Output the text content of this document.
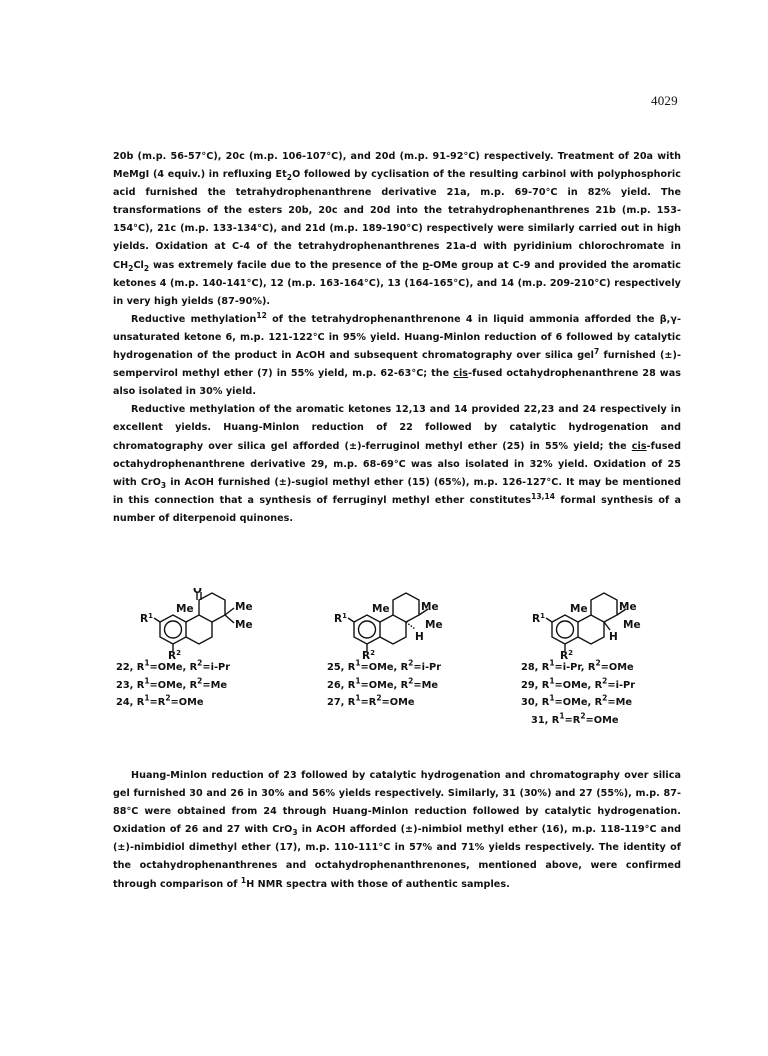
4029

20b (m.p. 56-57°C), 20c (m.p. 106-107°C), and 20d (m.p. 91-92°C) respectively. Treatment of 20a with MeMgI (4 equiv.) in refluxing $Et_2O$ followed by cyclisation of the resulting carbinol with polyphosphoric acid furnished the tetrahydrophenanthrene derivative 21a, m.p. 69-70°C in 82% yield. The transformations of the esters 20b, 20c and 20d into the tetrahydrophenanthrenes 21b (m.p. 153-154°C), 21c (m.p. 133-134°C), and 21d (m.p. 189-190°C) respectively were similarly carried out in high yields. Oxidation at C-4 of the tetrahydrophenanthrenes 21a-d with pyridinium chlorochromate in $CH_2Cl_2$ was extremely facile due to the presence of the p-OMe group at C-9 and provided the aromatic ketones 4 (m.p. 140-141°C), 12 (m.p. 163-164°C), 13 (164-165°C), and 14 (m.p. 209-210°C) respectively in very high yields (87-90%).

Reductive methylation$^{12}$ of the tetrahydrophenanthrenone 4 in liquid ammonia afforded the β,γ-unsaturated ketone 6, m.p. 121-122°C in 95% yield. Huang-Minlon reduction of 6 followed by catalytic hydrogenation of the product in AcOH and subsequent chromatography over silica gel$^7$ furnished (±)-sempervirol methyl ether (7) in 55% yield, m.p. 62-63°C; the cis-fused octahydrophenanthrene 28 was also isolated in 30% yield.

Reductive methylation of the aromatic ketones 12,13 and 14 provided 22,23 and 24 respectively in excellent yields. Huang-Minlon reduction of 22 followed by catalytic hydrogenation and chromatography over silica gel afforded (±)-ferruginol methyl ether (25) in 55% yield; the cis-fused octahydrophenanthrene derivative 29, m.p. 68-69°C was also isolated in 32% yield. Oxidation of 25 with CrO$_3$ in AcOH furnished (±)-sugiol methyl ether (15) (65%), m.p. 126-127°C. It may be mentioned in this connection that a synthesis of ferruginyl methyl ether constitutes$^{13,14}$ formal synthesis of a number of diterpenoid quinones.

O
Me	Me
Me
$R^1$
$R^2$
Me	Me
Me
H
$R^1$
$R^2$
Me	Me
Me
H
$R^1$
$R^2$
22, $R^1=OMe$, $R^2=i-Pr$
23, $R^1=OMe$, $R^2=Me$
24, $R^1=R^2=OMe$
25, $R^1=OMe$, $R^2=i-Pr$
26, $R^1=OMe$, $R^2=Me$
27, $R^1=R^2=OMe$
28, $R^1=i-Pr$, $R^2=OMe$
29, $R^1=OMe$, $R^2=i-Pr$
30, $R^1=OMe$, $R^2=Me$
31, $R^1=R^2=OMe$

Huang-Minlon reduction of 23 followed by catalytic hydrogenation and chromatography over silica gel furnished 30 and 26 in 30% and 56% yields respectively. Similarly, 31 (30%) and 27 (55%), m.p. 87-88°C were obtained from 24 through Huang-Minlon reduction followed by catalytic hydrogenation. Oxidation of 26 and 27 with CrO$_3$ in AcOH afforded (±)-nimbiol methyl ether (16), m.p. 118-119°C and (±)-nimbidiol dimethyl ether (17), m.p. 110-111°C in 57% and 71% yields respectively. The identity of the octahydrophenanthrenes and octahydrophenanthrenones, mentioned above, were confirmed through comparison of $^1$H NMR spectra with those of authentic samples.
